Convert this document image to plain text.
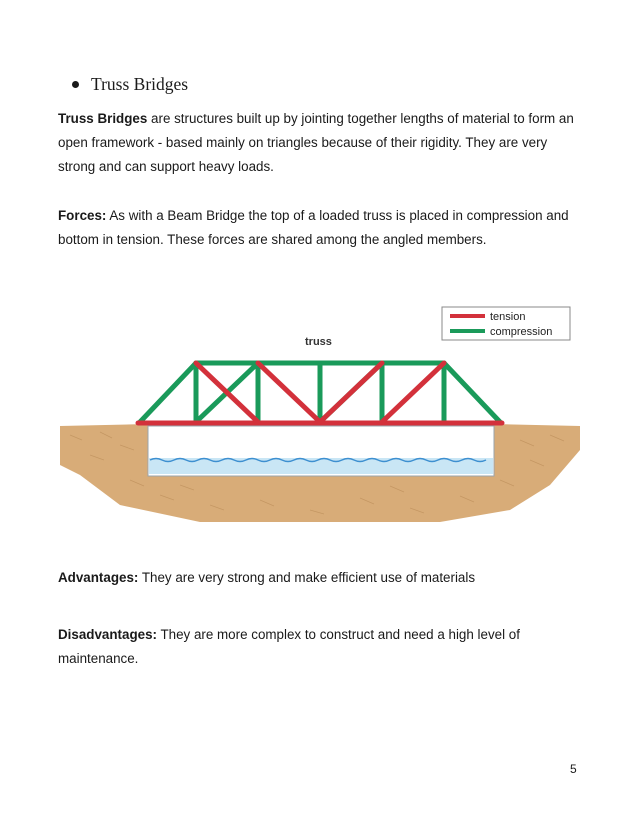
Truss Bridges
Truss Bridges are structures built up by jointing together lengths of material to form an open framework - based mainly on triangles because of their rigidity. They are very strong and can support heavy loads.
Forces: As with a Beam Bridge the top of a loaded truss is placed in compression and bottom in tension. These forces are shared among the angled members.
truss
tension
compression
Advantages: They are very strong and make efficient use of materials
Disadvantages: They are more complex to construct and need a high level of maintenance.
5
